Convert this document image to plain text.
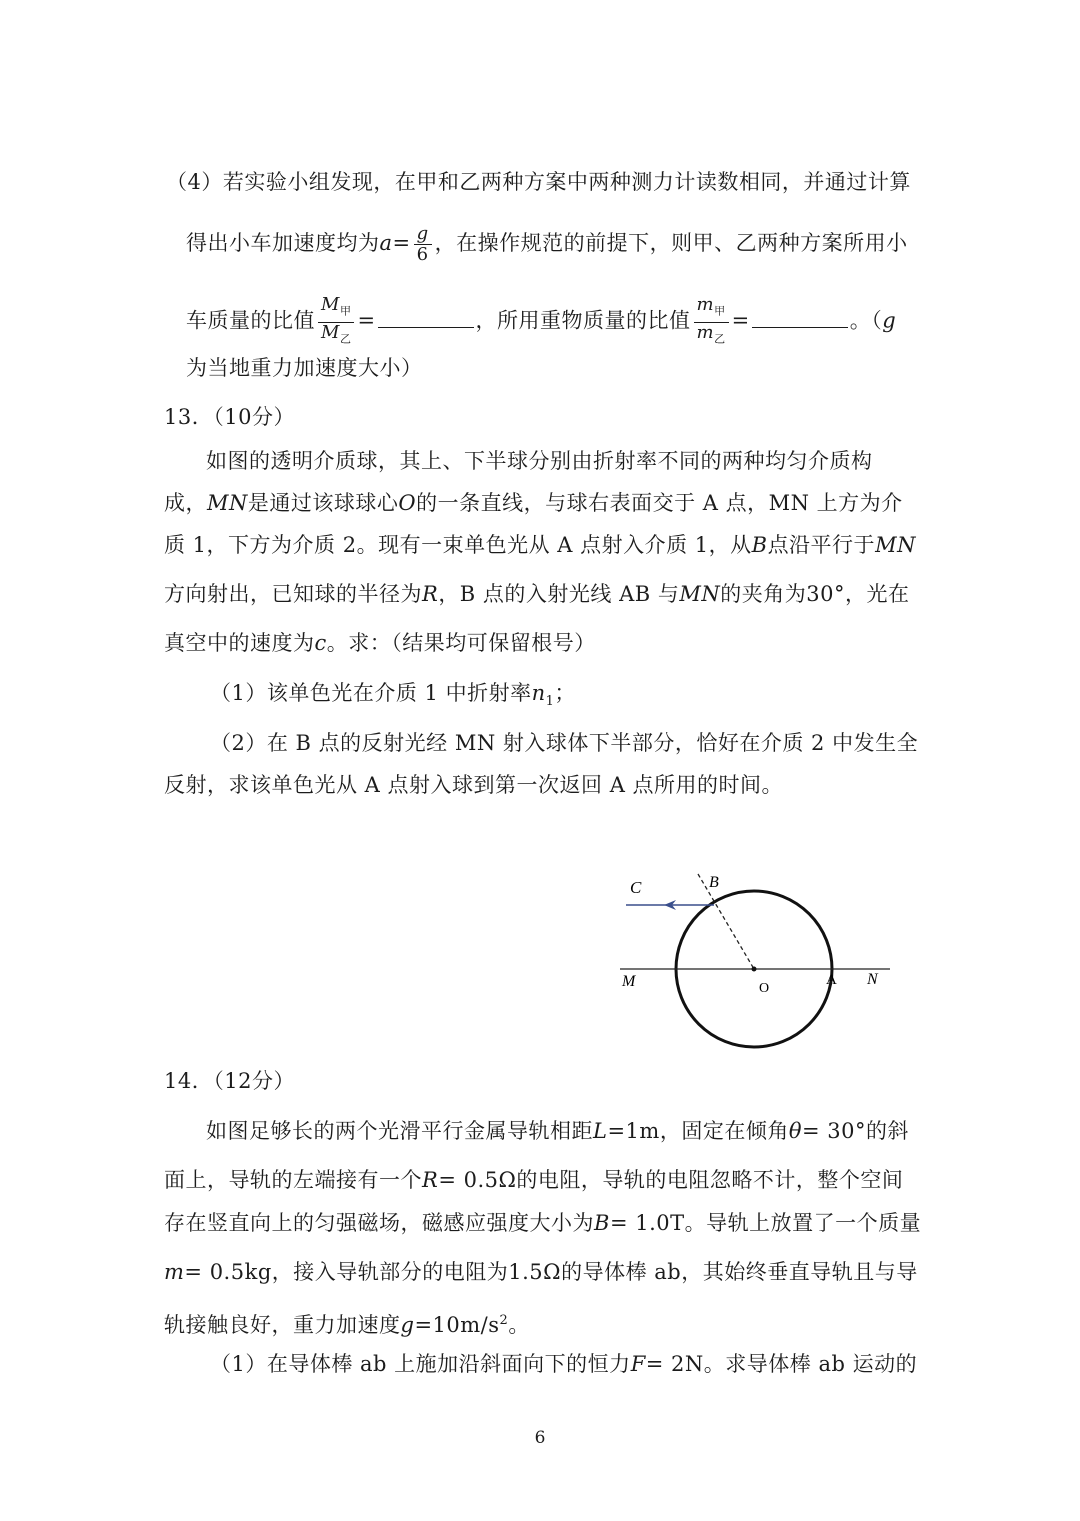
（4）若实验小组发现，在甲和乙两种方案中两种测力计读数相同，并通过计算
得出小车加速度均为$a= \frac{g}{6}$ ，在操作规范的前提下，则甲、乙两种方案所用小
车质量的比值 $\frac{M_甲}{M_乙}$ =	，所用重物质量的比值 $\frac{m_甲}{m_乙}$ =	。（g
为当地重力加速度大小）
13．（10分）
如图的透明介质球，其上、下半球分别由折射率不同的两种均匀介质构
成，MN是通过该球球心O的一条直线，与球右表面交于 A 点，MN 上方为介
质 1，下方为介质 2。现有一束单色光从 A 点射入介质 1，从B点沿平行于MN
方向射出，已知球的半径为R，B 点的入射光线 AB 与MN的夹角为30°，光在
真空中的速度为c。求：（结果均可保留根号）
（1）该单色光在介质 1 中折射率$n_1$；
（2）在 B 点的反射光经 MN 射入球体下半部分，恰好在介质 2 中发生全
反射，求该单色光从 A 点射入球到第一次返回 A 点所用的时间。
C	B
M	O
A N
14．（12分）
如图足够长的两个光滑平行金属导轨相距L=1m，固定在倾角θ= 30°的斜
面上，导轨的左端接有一个R= 0.5Ω的电阻，导轨的电阻忽略不计，整个空间
存在竖直向上的匀强磁场，磁感应强度大小为B= 1.0T。导轨上放置了一个质量
m= 0.5kg，接入导轨部分的电阻为1.5Ω的导体棒 ab，其始终垂直导轨且与导
轨接触良好，重力加速度$g=10m/s^2$。
（1）在导体棒 ab 上施加沿斜面向下的恒力F= 2N。求导体棒 ab 运动的
6
